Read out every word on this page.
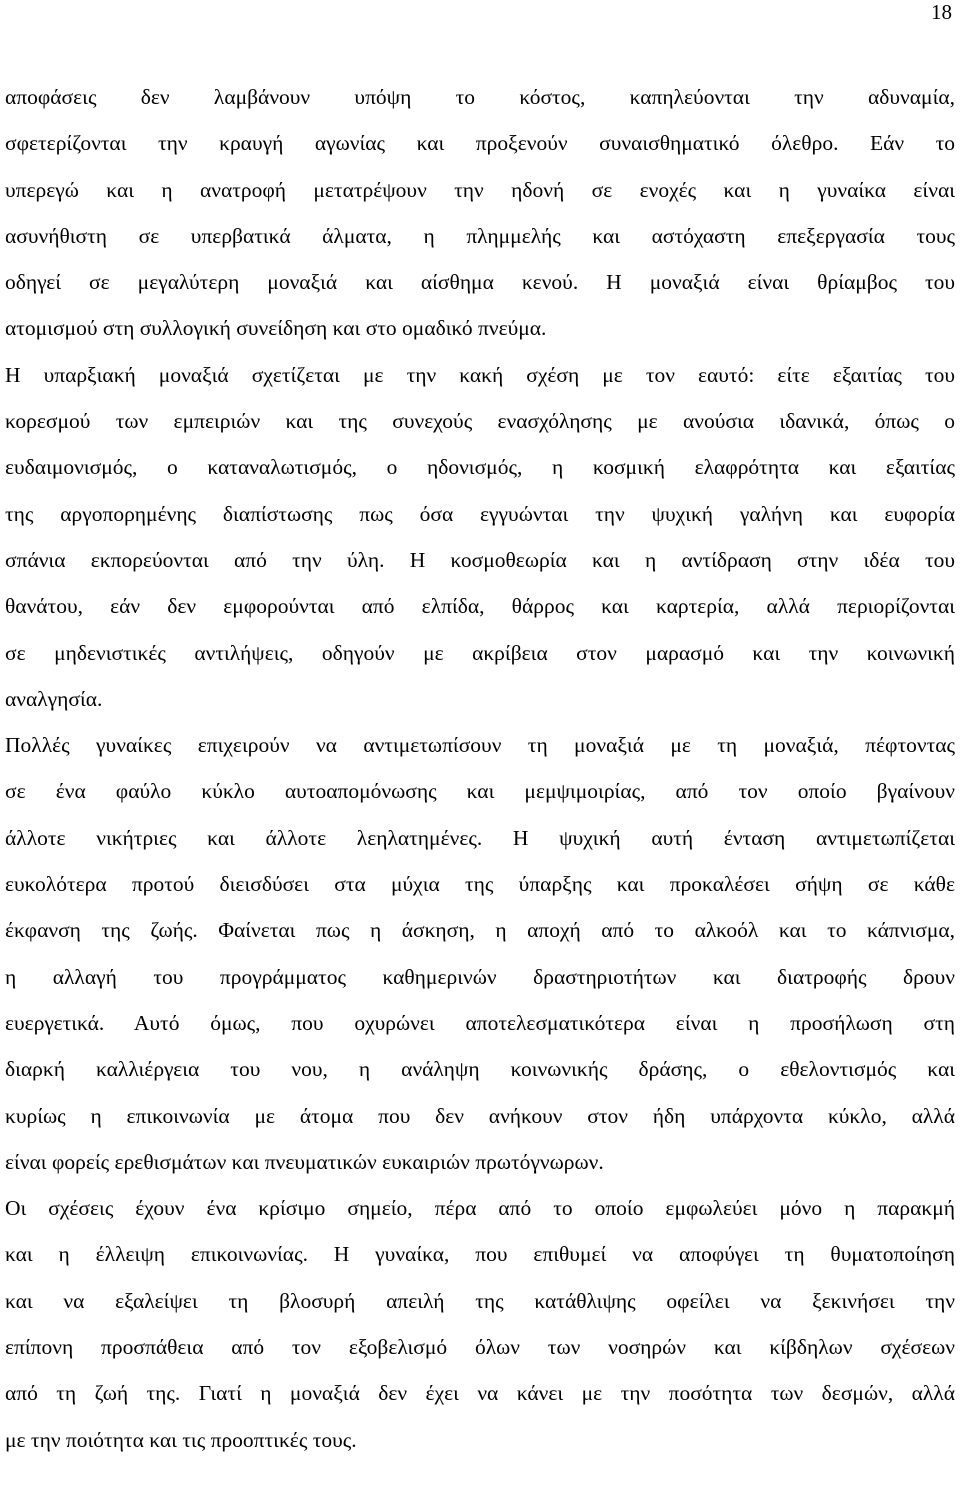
18

αποφάσεις δεν λαμβάνουν υπόψη το κόστος, καπηλεύονται την αδυναμία,
σφετερίζονται την κραυγή αγωνίας και προξενούν συναισθηματικό όλεθρο. Εάν το
υπερεγώ και η ανατροφή μετατρέψουν την ηδονή σε ενοχές και η γυναίκα είναι
ασυνήθιστη σε υπερβατικά άλματα, η πλημμελής και αστόχαστη επεξεργασία τους
οδηγεί σε μεγαλύτερη μοναξιά και αίσθημα κενού. Η μοναξιά είναι θρίαμβος του
ατομισμού στη συλλογική συνείδηση και στο ομαδικό πνεύμα.
Η υπαρξιακή μοναξιά σχετίζεται με την κακή σχέση με τον εαυτό: είτε εξαιτίας του
κορεσμού των εμπειριών και της συνεχούς ενασχόλησης με ανούσια ιδανικά, όπως ο
ευδαιμονισμός, ο καταναλωτισμός, ο ηδονισμός, η κοσμική ελαφρότητα και εξαιτίας
της αργοπορημένης διαπίστωσης πως όσα εγγυώνται την ψυχική γαλήνη και ευφορία
σπάνια εκπορεύονται από την ύλη. Η κοσμοθεωρία και η αντίδραση στην ιδέα του
θανάτου, εάν δεν εμφορούνται από ελπίδα, θάρρος και καρτερία, αλλά περιορίζονται
σε μηδενιστικές αντιλήψεις, οδηγούν με ακρίβεια στον μαρασμό και την κοινωνική
αναλγησία.

Πολλές γυναίκες επιχειρούν να αντιμετωπίσουν τη μοναξιά με τη μοναξιά, πέφτοντας
σε ένα φαύλο κύκλο αυτοαπομόνωσης και μεμψιμοιρίας, από τον οποίο βγαίνουν
άλλοτε νικήτριες και άλλοτε λεηλατημένες. Η ψυχική αυτή ένταση αντιμετωπίζεται
ευκολότερα προτού διεισδύσει στα μύχια της ύπαρξης και προκαλέσει σήψη σε κάθε
έκφανση της ζωής. Φαίνεται πως η άσκηση, η αποχή από το αλκοόλ και το κάπνισμα,
η αλλαγή του προγράμματος καθημερινών δραστηριοτήτων και διατροφής δρουν
ευεργετικά. Αυτό όμως, που οχυρώνει αποτελεσματικότερα είναι η προσήλωση στη
διαρκή καλλιέργεια του νου, η ανάληψη κοινωνικής δράσης, ο εθελοντισμός και
κυρίως η επικοινωνία με άτομα που δεν ανήκουν στον ήδη υπάρχοντα κύκλο, αλλά
είναι φορείς ερεθισμάτων και πνευματικών ευκαιριών πρωτόγνωρων.
Οι σχέσεις έχουν ένα κρίσιμο σημείο, πέρα από το οποίο εμφωλεύει μόνο η παρακμή
και η έλλειψη επικοινωνίας. Η γυναίκα, που επιθυμεί να αποφύγει τη θυματοποίηση
και να εξαλείψει τη βλοσυρή απειλή της κατάθλιψης οφείλει να ξεκινήσει την
επίπονη προσπάθεια από τον εξοβελισμό όλων των νοσηρών και κίβδηλων σχέσεων
από τη ζωή της. Γιατί η μοναξιά δεν έχει να κάνει με την ποσότητα των δεσμών, αλλά
με την ποιότητα και τις προοπτικές τους.
